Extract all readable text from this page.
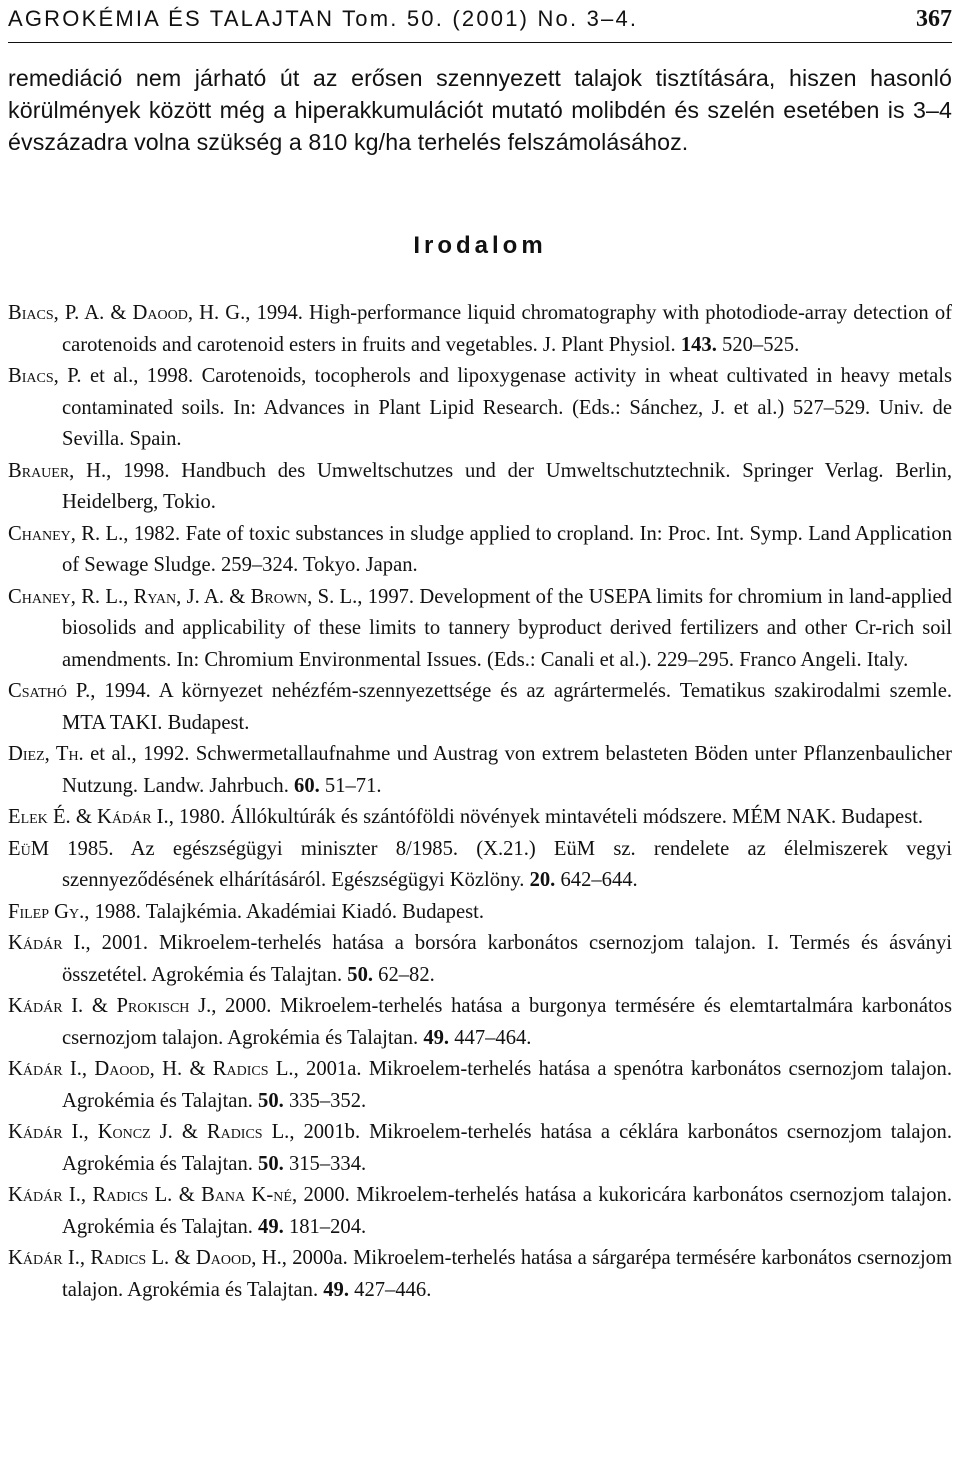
AGROKÉMIA ÉS TALAJTAN Tom. 50. (2001) No. 3–4.	367

remediáció nem járható út az erősen szennyezett talajok tisztítására, hiszen hasonló körülmények között még a hiperakkumulációt mutató molibdén és szelén esetében is 3–4 évszázadra volna szükség a 810 kg/ha terhelés felszámolásához.

Irodalom
Biacs, P. A. & Daood, H. G., 1994. High-performance liquid chromatography with photodiode-array detection of carotenoids and carotenoid esters in fruits and vegetables. J. Plant Physiol. 143. 520–525.
Biacs, P. et al., 1998. Carotenoids, tocopherols and lipoxygenase activity in wheat cultivated in heavy metals contaminated soils. In: Advances in Plant Lipid Research. (Eds.: Sánchez, J. et al.) 527–529. Univ. de Sevilla. Spain.
Brauer, H., 1998. Handbuch des Umweltschutzes und der Umweltschutztechnik. Springer Verlag. Berlin, Heidelberg, Tokio.
Chaney, R. L., 1982. Fate of toxic substances in sludge applied to cropland. In: Proc. Int. Symp. Land Application of Sewage Sludge. 259–324. Tokyo. Japan.
Chaney, R. L., Ryan, J. A. & Brown, S. L., 1997. Development of the USEPA limits for chromium in land-applied biosolids and applicability of these limits to tannery byproduct derived fertilizers and other Cr-rich soil amendments. In: Chromium Environmental Issues. (Eds.: Canali et al.). 229–295. Franco Angeli. Italy.
Csathó P., 1994. A környezet nehézfém-szennyezettsége és az agrártermelés. Tematikus szakirodalmi szemle. MTA TAKI. Budapest.
Diez, Th. et al., 1992. Schwermetallaufnahme und Austrag von extrem belasteten Böden unter Pflanzenbaulicher Nutzung. Landw. Jahrbuch. 60. 51–71.
Elek É. & Kádár I., 1980. Állókultúrák és szántóföldi növények mintavételi módszere. MÉM NAK. Budapest.
EüM 1985. Az egészségügyi miniszter 8/1985. (X.21.) EüM sz. rendelete az élelmiszerek vegyi szennyeződésének elhárításáról. Egészségügyi Közlöny. 20. 642–644.
Filep Gy., 1988. Talajkémia. Akadémiai Kiadó. Budapest.
Kádár I., 2001. Mikroelem-terhelés hatása a borsóra karbonátos csernozjom talajon. I. Termés és ásványi összetétel. Agrokémia és Talajtan. 50. 62–82.
Kádár I. & Prokisch J., 2000. Mikroelem-terhelés hatása a burgonya termésére és elemtartalmára karbonátos csernozjom talajon. Agrokémia és Talajtan. 49. 447–464.
Kádár I., Daood, H. & Radics L., 2001a. Mikroelem-terhelés hatása a spenótra karbonátos csernozjom talajon. Agrokémia és Talajtan. 50. 335–352.
Kádár I., Koncz J. & Radics L., 2001b. Mikroelem-terhelés hatása a céklára karbonátos csernozjom talajon. Agrokémia és Talajtan. 50. 315–334.
Kádár I., Radics L. & Bana K-né, 2000. Mikroelem-terhelés hatása a kukoricára karbonátos csernozjom talajon. Agrokémia és Talajtan. 49. 181–204.
Kádár I., Radics L. & Daood, H., 2000a. Mikroelem-terhelés hatása a sárgarépa termésére karbonátos csernozjom talajon. Agrokémia és Talajtan. 49. 427–446.
